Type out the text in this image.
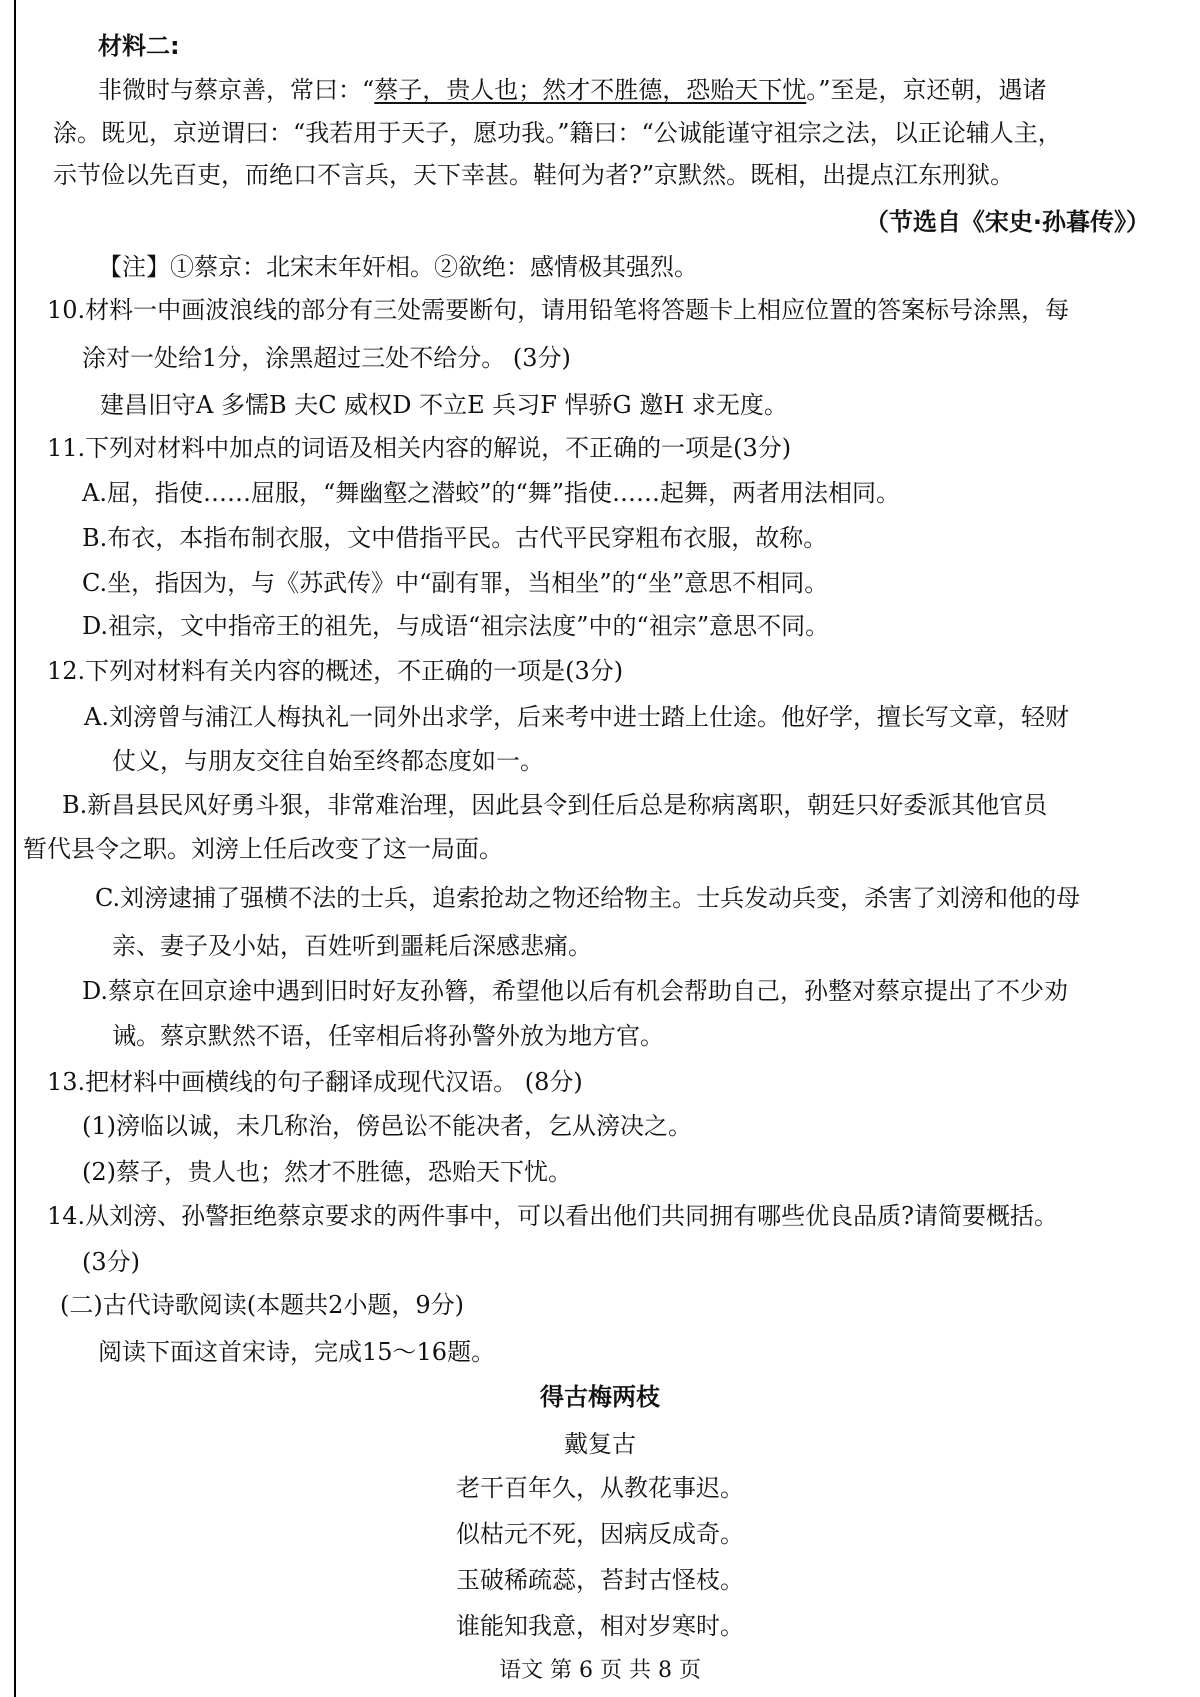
材料二:
非微时与蔡京善，常曰：“蔡子，贵人也；然才不胜德，恐贻天下忧。”至是，京还朝，遇诸
涂。既见，京逆谓曰：“我若用于天子，愿功我。”籍曰：“公诚能谨守祖宗之法，以正论辅人主，
示节俭以先百吏，而绝口不言兵，天下幸甚。鞋何为者?”京默然。既相，出提点江东刑狱。
（节选自《宋史·孙暮传》）
【注】①蔡京：北宋末年奸相。②欲绝：感情极其强烈。
10.材料一中画波浪线的部分有三处需要断句，请用铅笔将答题卡上相应位置的答案标号涂黑，每
涂对一处给1分，涂黑超过三处不给分。 (3分)
建昌旧守A 多懦B 夫C 威权D 不立E 兵习F 悍骄G 邀H 求无度。
11.下列对材料中加点的词语及相关内容的解说，不正确的一项是(3分)
A.屈，指使……屈服，“舞幽壑之潜蛟”的“舞”指使……起舞，两者用法相同。
B.布衣，本指布制衣服，文中借指平民。古代平民穿粗布衣服，故称。
C.坐，指因为，与《苏武传》中“副有罪，当相坐”的“坐”意思不相同。
D.祖宗，文中指帝王的祖先，与成语“祖宗法度”中的“祖宗”意思不同。
12.下列对材料有关内容的概述，不正确的一项是(3分)
A.刘滂曾与浦江人梅执礼一同外出求学，后来考中进士踏上仕途。他好学，擅长写文章，轻财
仗义，与朋友交往自始至终都态度如一。
B.新昌县民风好勇斗狠，非常难治理，因此县令到任后总是称病离职，朝廷只好委派其他官员
暂代县令之职。刘滂上任后改变了这一局面。
C.刘滂逮捕了强横不法的士兵，追索抢劫之物还给物主。士兵发动兵变，杀害了刘滂和他的母
亲、妻子及小姑，百姓听到噩耗后深感悲痛。
D.蔡京在回京途中遇到旧时好友孙簪，希望他以后有机会帮助自己，孙整对蔡京提出了不少劝
诫。蔡京默然不语，任宰相后将孙警外放为地方官。
13.把材料中画横线的句子翻译成现代汉语。 (8分)
(1)滂临以诚，未几称治，傍邑讼不能决者，乞从滂决之。
(2)蔡子，贵人也；然才不胜德，恐贻天下忧。
14.从刘滂、孙警拒绝蔡京要求的两件事中，可以看出他们共同拥有哪些优良品质?请简要概括。
(3分)
(二)古代诗歌阅读(本题共2小题，9分)
阅读下面这首宋诗，完成15～16题。
得古梅两枝
戴复古
老干百年久，从教花事迟。
似枯元不死，因病反成奇。
玉破稀疏蕊，苔封古怪枝。
谁能知我意，相对岁寒时。
语文 第 6 页 共 8 页
